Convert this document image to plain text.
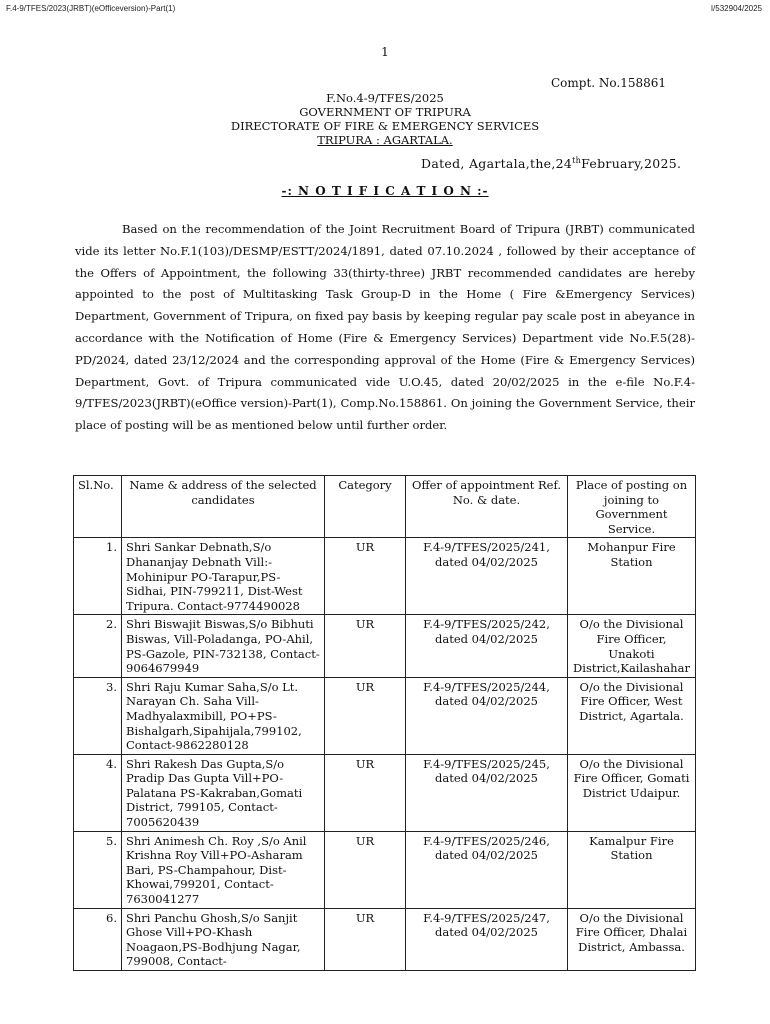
F.4-9/TFES/2023(JRBT)(eOfficeversion)-Part(1)	I/532904/2025
1
Compt. No.158861
F.No.4-9/TFES/2025
GOVERNMENT OF TRIPURA
DIRECTORATE OF FIRE & EMERGENCY SERVICES
TRIPURA : AGARTALA.
Dated, Agartala,the,24thFebruary,2025.
-: N O T I F I C A T I O N :-
Based on the recommendation of the Joint Recruitment Board of Tripura (JRBT) communicated vide its letter No.F.1(103)/DESMP/ESTT/2024/1891, dated 07.10.2024 , followed by their acceptance of the Offers of Appointment, the following 33(thirty-three) JRBT recommended candidates are hereby appointed to the post of Multitasking Task Group-D in the Home ( Fire &Emergency Services) Department, Government of Tripura, on fixed pay basis by keeping regular pay scale post in abeyance in accordance with the Notification of Home (Fire & Emergency Services) Department vide No.F.5(28)-PD/2024, dated 23/12/2024 and the corresponding approval of the Home (Fire & Emergency Services) Department, Govt. of Tripura communicated vide U.O.45, dated 20/02/2025 in the e-file No.F.4-9/TFES/2023(JRBT)(eOffice version)-Part(1), Comp.No.158861. On joining the Government Service, their place of posting will be as mentioned below until further order.
Sl.No.	Name & address of the selected candidates	Category	Offer of appointment Ref. No. & date.	Place of posting on joining to Government Service.
1.	Shri Sankar Debnath,S/o Dhananjay Debnath Vill:-Mohinipur PO-Tarapur,PS-Sidhai, PIN-799211, Dist-West Tripura. Contact-9774490028	UR	F.4-9/TFES/2025/241, dated 04/02/2025	Mohanpur Fire Station
2.	Shri Biswajit Biswas,S/o Bibhuti Biswas, Vill-Poladanga, PO-Ahil, PS-Gazole, PIN-732138, Contact-9064679949	UR	F.4-9/TFES/2025/242, dated 04/02/2025	O/o the Divisional Fire Officer, Unakoti District,Kailashahar
3.	Shri Raju Kumar Saha,S/o Lt. Narayan Ch. Saha Vill-Madhyalaxmibill, PO+PS-Bishalgarh,Sipahijala,799102, Contact-9862280128	UR	F.4-9/TFES/2025/244, dated 04/02/2025	O/o the Divisional Fire Officer, West District, Agartala.
4.	Shri Rakesh Das Gupta,S/o Pradip Das Gupta Vill+PO-Palatana PS-Kakraban,Gomati District, 799105, Contact-7005620439	UR	F.4-9/TFES/2025/245, dated 04/02/2025	O/o the Divisional Fire Officer, Gomati District Udaipur.
5.	Shri Animesh Ch. Roy ,S/o Anil Krishna Roy Vill+PO-Asharam Bari, PS-Champahour, Dist-Khowai,799201, Contact-7630041277	UR	F.4-9/TFES/2025/246, dated 04/02/2025	Kamalpur Fire Station
6.	Shri Panchu Ghosh,S/o Sanjit Ghose Vill+PO-Khash Noagaon,PS-Bodhjung Nagar, 799008, Contact-	UR	F.4-9/TFES/2025/247, dated 04/02/2025	O/o the Divisional Fire Officer, Dhalai District, Ambassa.
